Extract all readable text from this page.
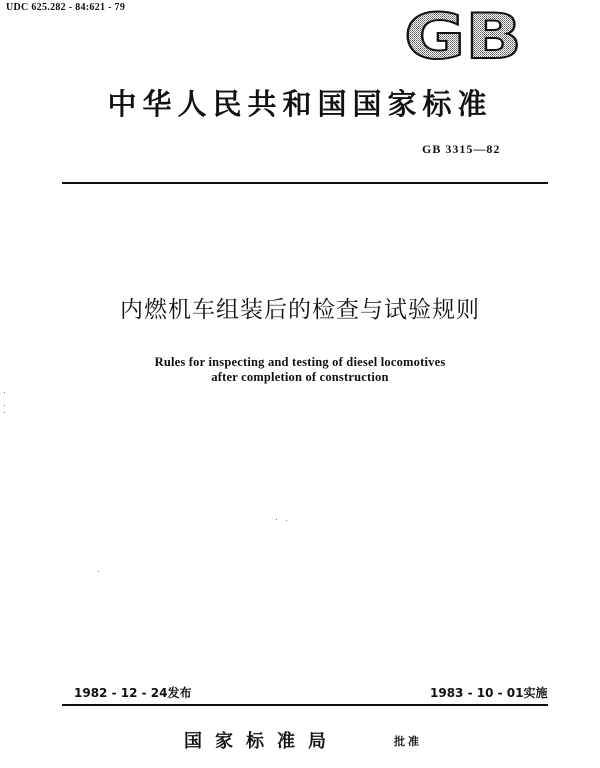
UDC 625.282 - 84:621 - 79	GB
中华人民共和国国家标准
GB 3315—82
内燃机车组装后的检查与试验规则
Rules for inspecting and testing of diesel locomotives
after completion of construction
1982 - 12 - 24发布	1983 - 10 - 01实施
国家标准局	批准
